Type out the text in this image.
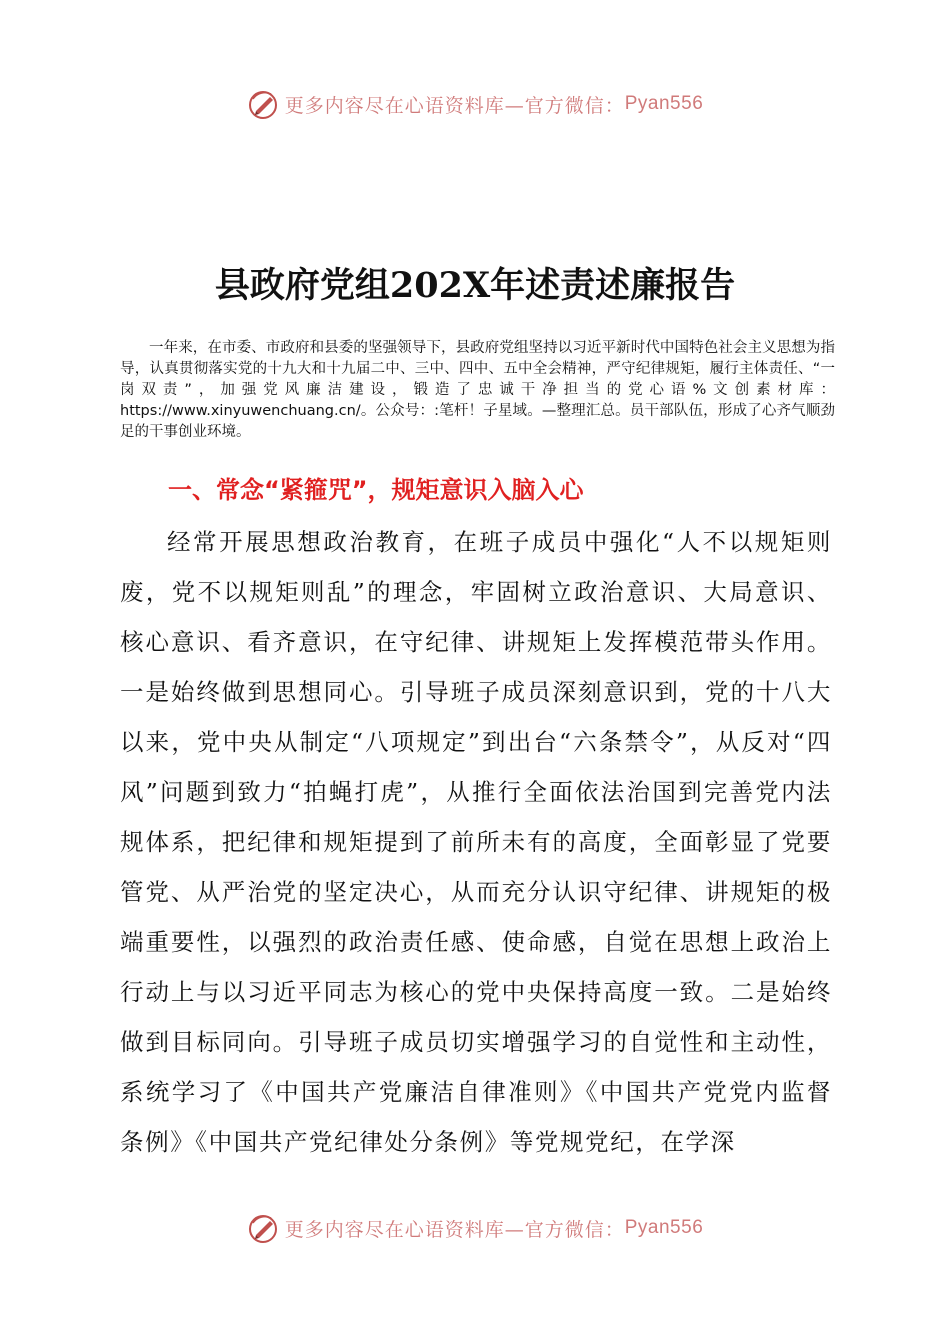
更多内容尽在心语资料库—官方微信： Pyan556
县政府党组202X年述责述廉报告
一年来，在市委、市政府和县委的坚强领导下，县政府党组坚持以习近平新时代中国特色社会主义思想为指导，认真贯彻落实党的十九大和十九届二中、三中、四中、五中全会精神，严守纪律规矩，履行主体责任、“一岗双责”，加强党风廉洁建设，锻造了忠诚干净担当的党心语%文创素材库：https://www.xinyuwenchuang.cn/。公众号：:笔杆！子星域。—整理汇总。员干部队伍，形成了心齐气顺劲足的干事创业环境。
一、常念“紧箍咒”，规矩意识入脑入心
经常开展思想政治教育，在班子成员中强化“人不以规矩则废，党不以规矩则乱”的理念，牢固树立政治意识、大局意识、核心意识、看齐意识，在守纪律、讲规矩上发挥模范带头作用。一是始终做到思想同心。引导班子成员深刻意识到，党的十八大以来，党中央从制定“八项规定”到出台“六条禁令”，从反对“四风”问题到致力“拍蝇打虎”，从推行全面依法治国到完善党内法规体系，把纪律和规矩提到了前所未有的高度，全面彰显了党要管党、从严治党的坚定决心，从而充分认识守纪律、讲规矩的极端重要性，以强烈的政治责任感、使命感，自觉在思想上政治上行动上与以习近平同志为核心的党中央保持高度一致。二是始终做到目标同向。引导班子成员切实增强学习的自觉性和主动性，系统学习了《中国共产党廉洁自律准则》《中国共产党党内监督条例》《中国共产党纪律处分条例》等党规党纪，在学深
更多内容尽在心语资料库—官方微信： Pyan556
